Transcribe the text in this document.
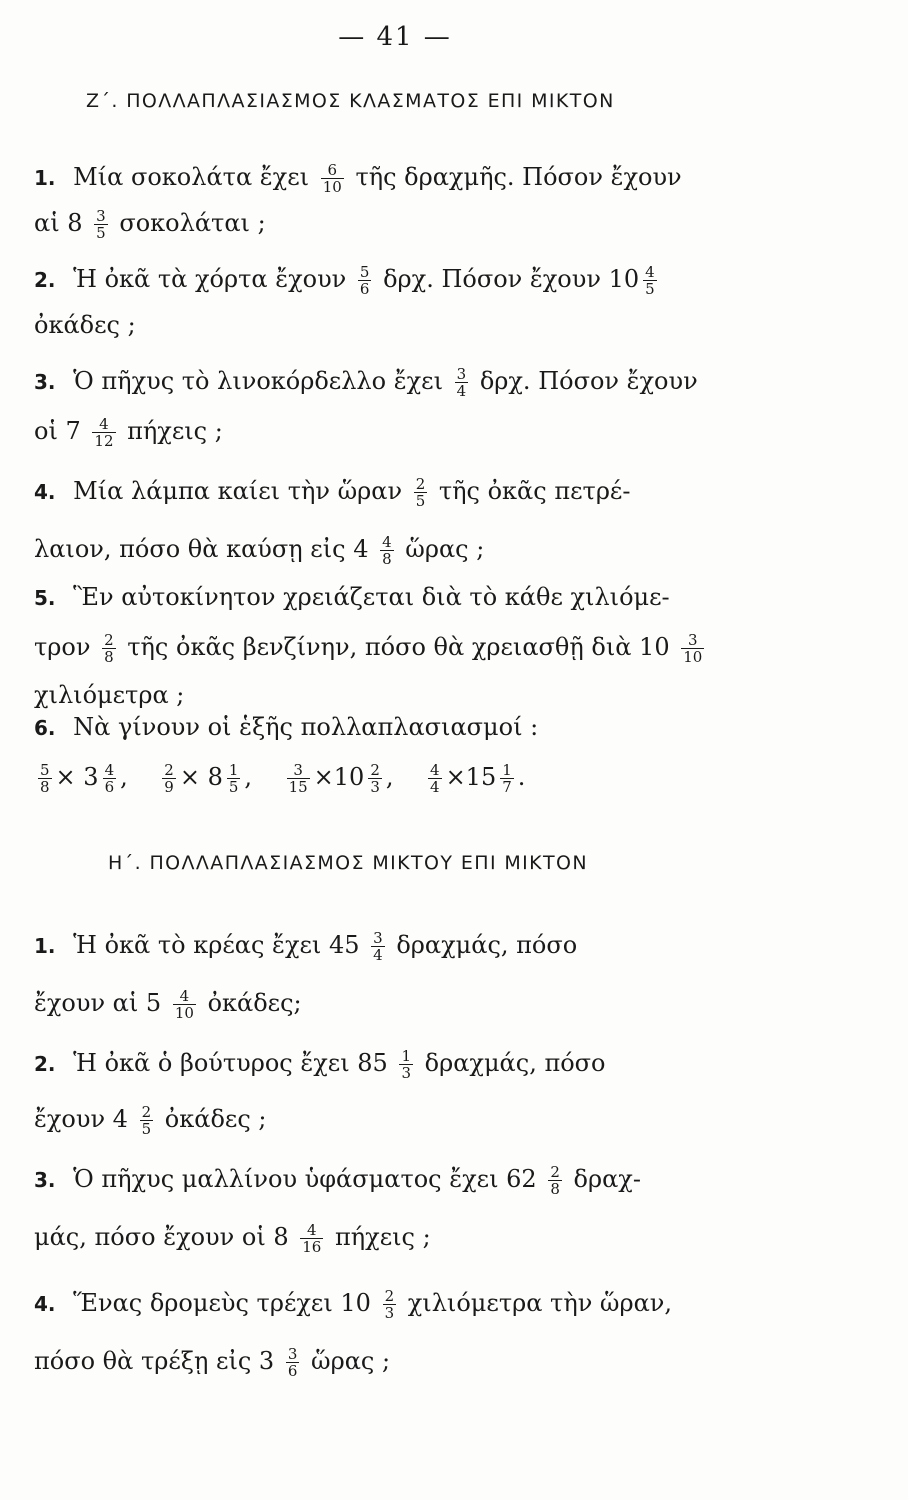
— 41 —
Ζ΄. ΠΟΛΛΑΠΛΑΣΙΑΣΜΟΣ ΚΛΑΣΜΑΤΟΣ ΕΠΙ ΜΙΚΤΟΝ
1. Μία σοκολάτα ἔχει $\frac{6}{10}$ τῆς δραχμῆς. Πόσον ἔχουν
αἱ $8 \frac{3}{5}$ σοκολάται ;
2. Ἡ ὀκᾶ τὰ χόρτα ἔχουν $\frac{5}{6} \delta\rho\chi$. Πόσον ἔχουν $10 \frac{4}{5}$
ὀκάδες ;
3. Ὁ πῆχυς τὸ λινοκόρδελλο ἔχει $\frac{3}{4} \delta\rho\chi$. Πόσον ἔχουν
οἱ $7 \frac{4}{12}$ πήχεις ;
4. Μία λάμπα καίει τὴν ὥραν $\frac{2}{5}$ τῆς ὀκᾶς πετρέ-
λαιον, πόσο θὰ καύσῃ εἰς $4 \frac{4}{8}$ ὥρας ;
5. Ἓν αὐτοκίνητον χρειάζεται διὰ τὸ κάθε χιλιόμε-
τρον $\frac{2}{8}$ τῆς ὀκᾶς βενζίνην, πόσο θὰ χρειασθῇ διὰ $10 \frac{3}{10}$
χιλιόμετρα ;
6. Νὰ γίνουν οἱ ἑξῆς πολλαπλασιασμοί :
$\frac{5}{8} \times 3 \frac{4}{6}$ , $\frac{2}{9} \times 8 \frac{1}{5}$ , $\frac{3}{15} \times 10 \frac{2}{3}$ , $\frac{4}{4} \times 15 \frac{1}{7}$ .
Η΄. ΠΟΛΛΑΠΛΑΣΙΑΣΜΟΣ ΜΙΚΤΟΥ ΕΠΙ ΜΙΚΤΟΝ
1. Ἡ ὀκᾶ τὸ κρέας ἔχει $45 \frac{3}{4} \delta\rho\alpha\chi\mu ά\varsigma$, πόσο
ἔχουν αἱ $5 \frac{4}{10}$ ὀκάδες;
2. Ἡ ὀκᾶ ὁ βούτυρος ἔχει $85 \frac{1}{3} \delta\rho\alpha\chi\mu ά\varsigma$, πόσο
ἔχουν $4 \frac{2}{5}$ ὀκάδες ;
3. Ὁ πῆχυς μαλλίνου ὑφάσματος ἔχει $62 \frac{2}{8} \delta\rho\alpha\chi-$
μάς, πόσο ἔχουν οἱ $8 \frac{4}{16}$ πήχεις ;
4. Ἕνας δρομεὺς τρέχει $10 \frac{2}{3}$ χιλιόμετρα τὴν ὥραν,
πόσο θὰ τρέξῃ εἰς $3 \frac{3}{6}$ ὥρας ;
